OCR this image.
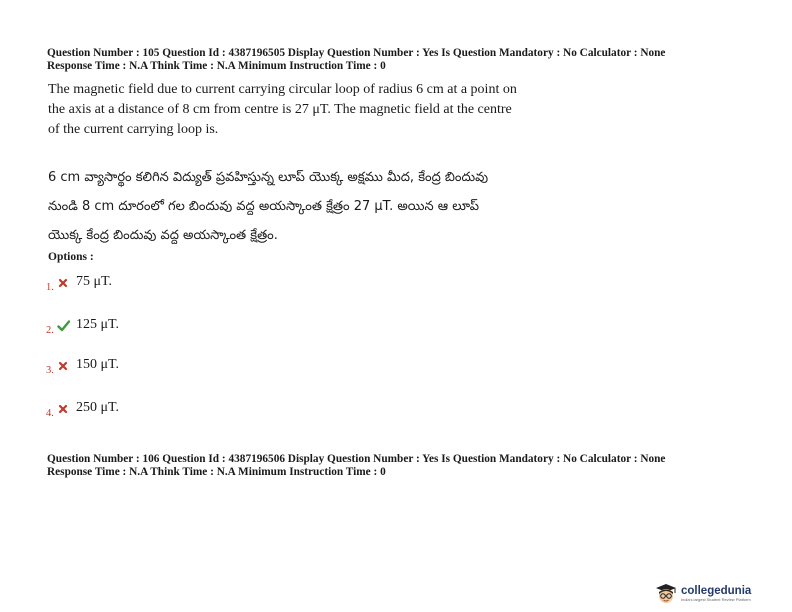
Question Number : 105 Question Id : 4387196505 Display Question Number : Yes Is Question Mandatory : No Calculator : None
Response Time : N.A Think Time : N.A Minimum Instruction Time : 0
The magnetic field due to current carrying circular loop of radius 6 cm at a point on
the axis at a distance of 8 cm from centre is 27 μT. The magnetic field at the centre
of the current carrying loop is.
6 cm వ్యాసార్థం కలిగిన విద్యుత్ ప్రవహిస్తున్న లూప్ యొక్క అక్షము మీద, కేంద్ర బిందువు
నుండి 8 cm దూరంలో గల బిందువు వద్ద అయస్కాంత క్షేత్రం 27 μT. అయిన ఆ లూప్
యొక్క కేంద్ర బిందువు వద్ద అయస్కాంత క్షేత్రం.
Options :
1. 75 μT.
2. 125 μT.
3. 150 μT.
4. 250 μT.
Question Number : 106 Question Id : 4387196506 Display Question Number : Yes Is Question Mandatory : No Calculator : None
Response Time : N.A Think Time : N.A Minimum Instruction Time : 0
collegedunia
India's largest Student Review Platform
